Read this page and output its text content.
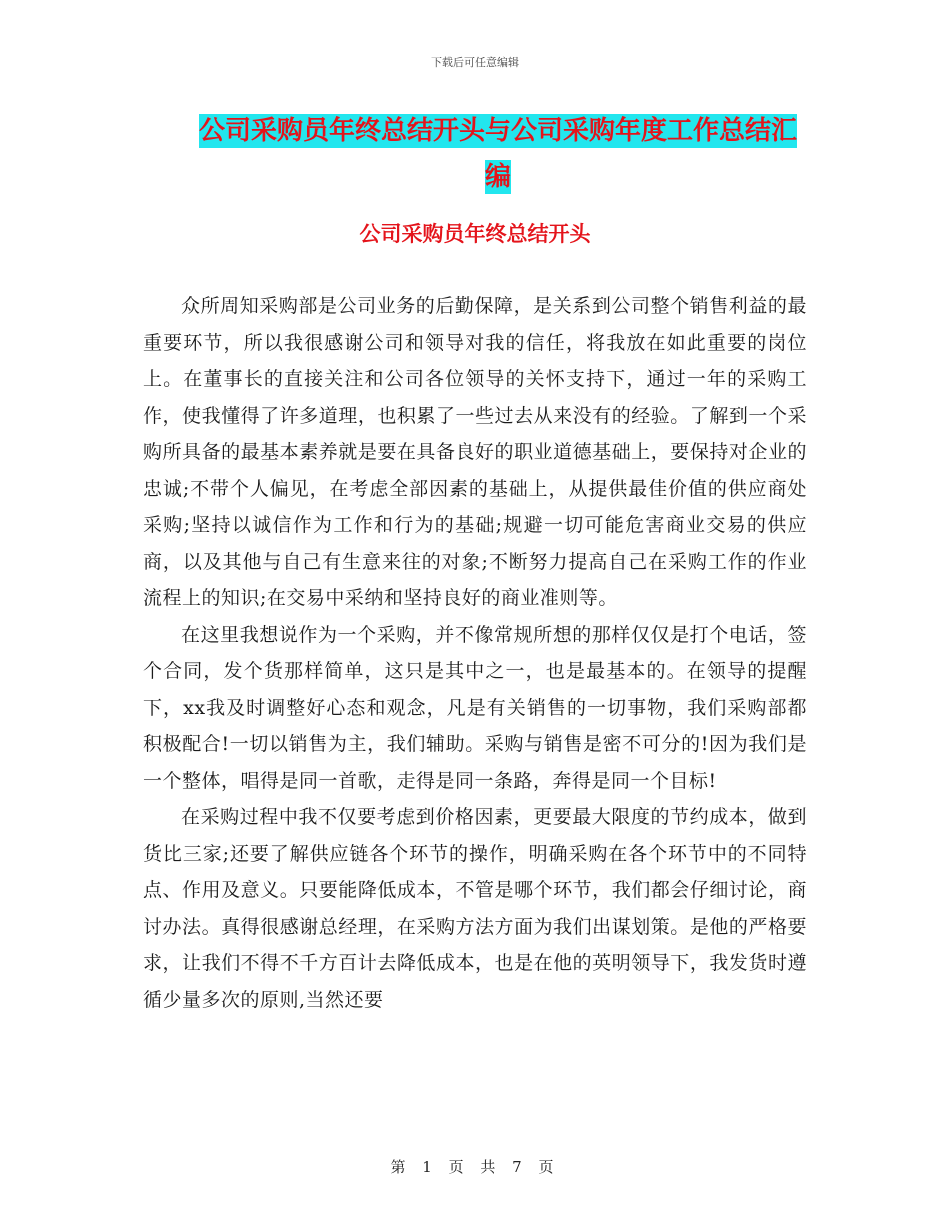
下载后可任意编辑
公司采购员年终总结开头与公司采购年度工作总结汇编
公司采购员年终总结开头

众所周知采购部是公司业务的后勤保障，是关系到公司整个销售利益的最重要环节，所以我很感谢公司和领导对我的信任，将我放在如此重要的岗位上。在董事长的直接关注和公司各位领导的关怀支持下，通过一年的采购工作，使我懂得了许多道理，也积累了一些过去从来没有的经验。了解到一个采购所具备的最基本素养就是要在具备良好的职业道德基础上，要保持对企业的忠诚;不带个人偏见，在考虑全部因素的基础上，从提供最佳价值的供应商处采购;坚持以诚信作为工作和行为的基础;规避一切可能危害商业交易的供应商，以及其他与自己有生意来往的对象;不断努力提高自己在采购工作的作业流程上的知识;在交易中采纳和坚持良好的商业准则等。

在这里我想说作为一个采购，并不像常规所想的那样仅仅是打个电话，签个合同，发个货那样简单，这只是其中之一，也是最基本的。在领导的提醒下，xx我及时调整好心态和观念，凡是有关销售的一切事物，我们采购部都积极配合!一切以销售为主，我们辅助。采购与销售是密不可分的!因为我们是一个整体，唱得是同一首歌，走得是同一条路，奔得是同一个目标!

在采购过程中我不仅要考虑到价格因素，更要最大限度的节约成本，做到货比三家;还要了解供应链各个环节的操作，明确采购在各个环节中的不同特点、作用及意义。只要能降低成本，不管是哪个环节，我们都会仔细讨论，商讨办法。真得很感谢总经理，在采购方法方面为我们出谋划策。是他的严格要求，让我们不得不千方百计去降低成本，也是在他的英明领导下，我发货时遵循少量多次的原则,当然还要

第 1 页 共 7 页
